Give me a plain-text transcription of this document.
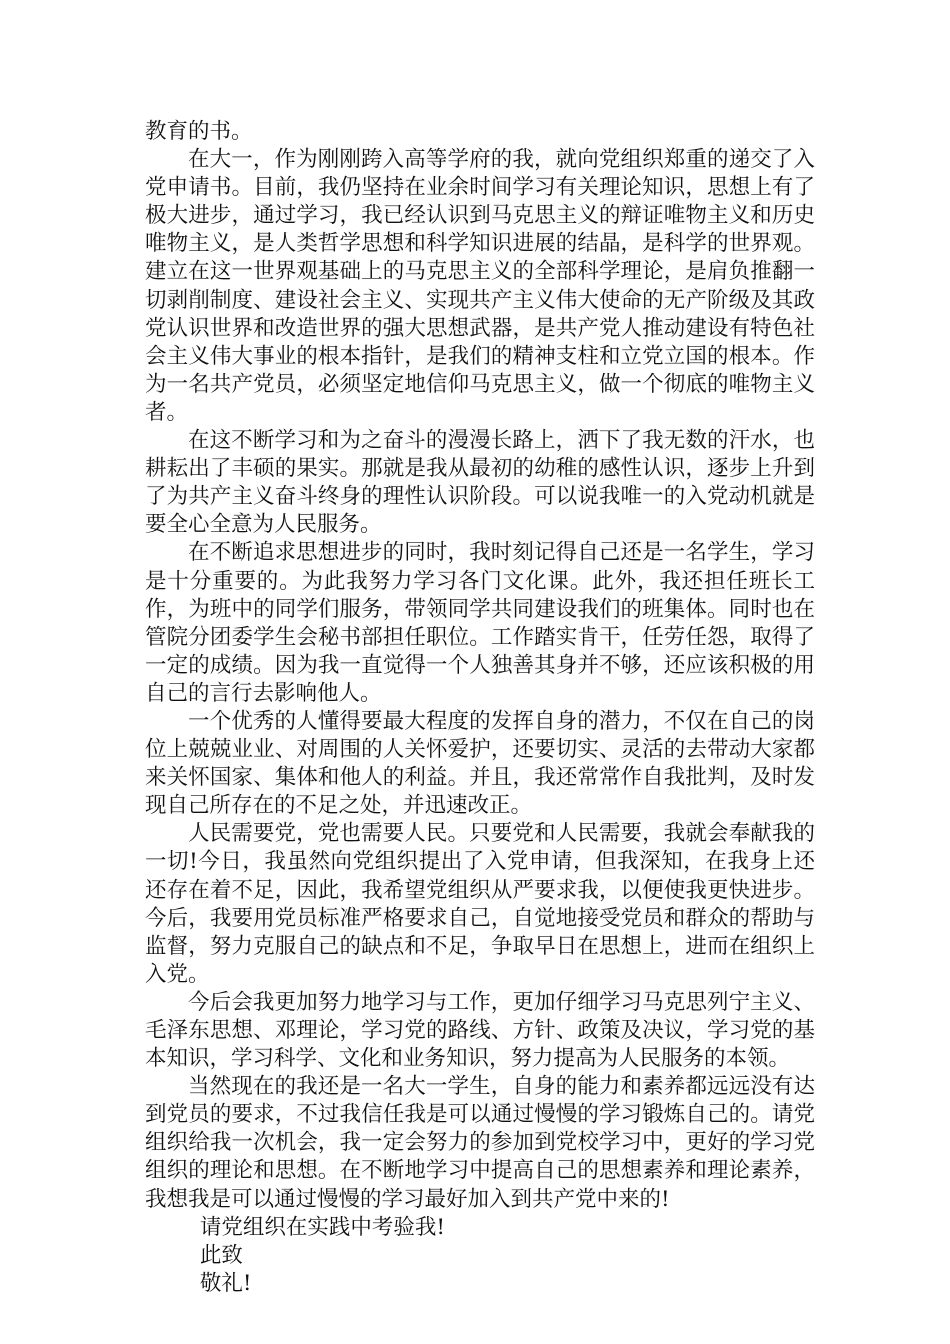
教育的书。

在大一，作为刚刚跨入高等学府的我，就向党组织郑重的递交了入党申请书。目前，我仍坚持在业余时间学习有关理论知识，思想上有了极大进步，通过学习，我已经认识到马克思主义的辩证唯物主义和历史唯物主义，是人类哲学思想和科学知识进展的结晶，是科学的世界观。建立在这一世界观基础上的马克思主义的全部科学理论，是肩负推翻一切剥削制度、建设社会主义、实现共产主义伟大使命的无产阶级及其政党认识世界和改造世界的强大思想武器，是共产党人推动建设有特色社会主义伟大事业的根本指针，是我们的精神支柱和立党立国的根本。作为一名共产党员，必须坚定地信仰马克思主义，做一个彻底的唯物主义者。

在这不断学习和为之奋斗的漫漫长路上，洒下了我无数的汗水，也耕耘出了丰硕的果实。那就是我从最初的幼稚的感性认识，逐步上升到了为共产主义奋斗终身的理性认识阶段。可以说我唯一的入党动机就是要全心全意为人民服务。

在不断追求思想进步的同时，我时刻记得自己还是一名学生，学习是十分重要的。为此我努力学习各门文化课。此外，我还担任班长工作，为班中的同学们服务，带领同学共同建设我们的班集体。同时也在管院分团委学生会秘书部担任职位。工作踏实肯干，任劳任怨，取得了一定的成绩。因为我一直觉得一个人独善其身并不够，还应该积极的用自己的言行去影响他人。

一个优秀的人懂得要最大程度的发挥自身的潜力，不仅在自己的岗位上兢兢业业、对周围的人关怀爱护，还要切实、灵活的去带动大家都来关怀国家、集体和他人的利益。并且，我还常常作自我批判，及时发现自己所存在的不足之处，并迅速改正。

人民需要党，党也需要人民。只要党和人民需要，我就会奉献我的一切!今日，我虽然向党组织提出了入党申请，但我深知，在我身上还还存在着不足，因此，我希望党组织从严要求我，以便使我更快进步。今后，我要用党员标准严格要求自己，自觉地接受党员和群众的帮助与监督，努力克服自己的缺点和不足，争取早日在思想上，进而在组织上入党。

今后会我更加努力地学习与工作，更加仔细学习马克思列宁主义、毛泽东思想、邓理论，学习党的路线、方针、政策及决议，学习党的基本知识，学习科学、文化和业务知识，努力提高为人民服务的本领。

当然现在的我还是一名大一学生，自身的能力和素养都远远没有达到党员的要求，不过我信任我是可以通过慢慢的学习锻炼自己的。请党组织给我一次机会，我一定会努力的参加到党校学习中，更好的学习党组织的理论和思想。在不断地学习中提高自己的思想素养和理论素养，我想我是可以通过慢慢的学习最好加入到共产党中来的!

请党组织在实践中考验我!

此致

敬礼!
